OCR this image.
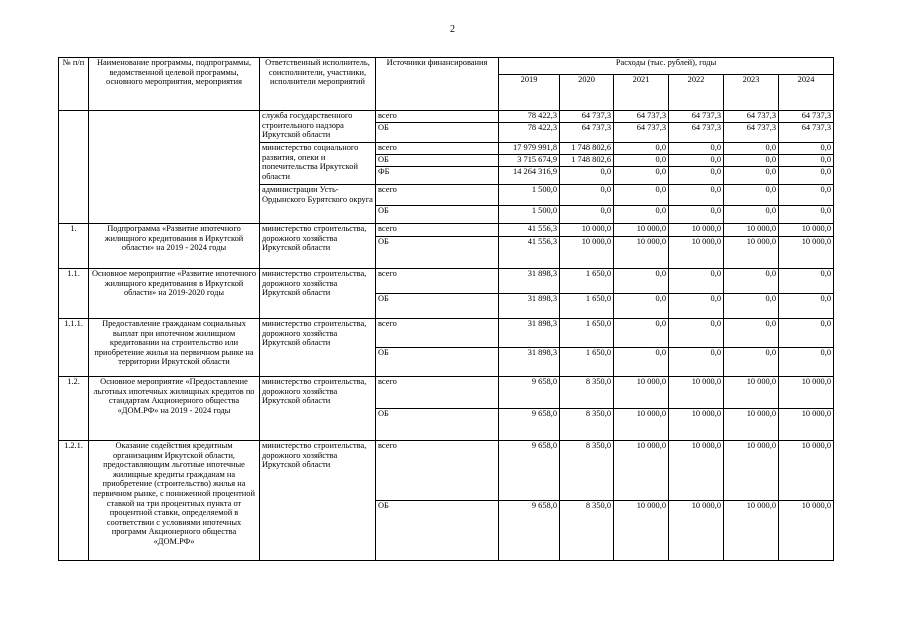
2
№ п/п	Наименование программы, подпрограммы, ведомственной целевой программы, основного мероприятия, мероприятия	Ответственный исполнитель, соисполнители, участники, исполнители мероприятий	Источники финансирования	Расходы (тыс. рублей), годы					
				2019	2020	2021	2022	2023	2024
		служба государственного строительного надзора Иркутской области	всего	78 422,3	64 737,3	64 737,3	64 737,3	64 737,3	64 737,3
			ОБ	78 422,3	64 737,3	64 737,3	64 737,3	64 737,3	64 737,3
		министерство социального развития, опеки и попечительства Иркутской области	всего	17 979 991,8	1 748 802,6	0,0	0,0	0,0	0,0
			ОБ	3 715 674,9	1 748 802,6	0,0	0,0	0,0	0,0
			ФБ	14 264 316,9	0,0	0,0	0,0	0,0	0,0
		администрации Усть-Ордынского Бурятского округа	всего	1 500,0	0,0	0,0	0,0	0,0	0,0
			ОБ	1 500,0	0,0	0,0	0,0	0,0	0,0
1.	Подпрограмма «Развитие ипотечного жилищного кредитования в Иркутской области» на 2019 - 2024 годы	министерство строительства, дорожного хозяйства Иркутской области	всего	41 556,3	10 000,0	10 000,0	10 000,0	10 000,0	10 000,0
			ОБ	41 556,3	10 000,0	10 000,0	10 000,0	10 000,0	10 000,0
1.1.	Основное мероприятие «Развитие ипотечного жилищного кредитования в Иркутской области» на 2019-2020 годы	министерство строительства, дорожного хозяйства Иркутской области	всего	31 898,3	1 650,0	0,0	0,0	0,0	0,0
			ОБ	31 898,3	1 650,0	0,0	0,0	0,0	0,0
1.1.1.	Предоставление гражданам социальных выплат при ипотечном жилищном кредитовании на строительство или приобретение жилья на первичном рынке на территории Иркутской области	министерство строительства, дорожного хозяйства Иркутской области	всего	31 898,3	1 650,0	0,0	0,0	0,0	0,0
			ОБ	31 898,3	1 650,0	0,0	0,0	0,0	0,0
1.2.	Основное мероприятие «Предоставление льготных ипотечных жилищных кредитов по стандартам Акционерного общества «ДОМ.РФ» на 2019 - 2024 годы	министерство строительства, дорожного хозяйства Иркутской области	всего	9 658,0	8 350,0	10 000,0	10 000,0	10 000,0	10 000,0
			ОБ	9 658,0	8 350,0	10 000,0	10 000,0	10 000,0	10 000,0
1.2.1.	Оказание содействия кредитным организациям Иркутской области, предоставляющим льготные ипотечные жилищные кредиты гражданам на приобретение (строительство) жилья на первичном рынке, с пониженной процентной ставкой на три процентных пункта от процентной ставки, определяемой в соответствии с условиями ипотечных программ Акционерного общества «ДОМ.РФ»	министерство строительства, дорожного хозяйства Иркутской области	всего	9 658,0	8 350,0	10 000,0	10 000,0	10 000,0	10 000,0
			ОБ	9 658,0	8 350,0	10 000,0	10 000,0	10 000,0	10 000,0
